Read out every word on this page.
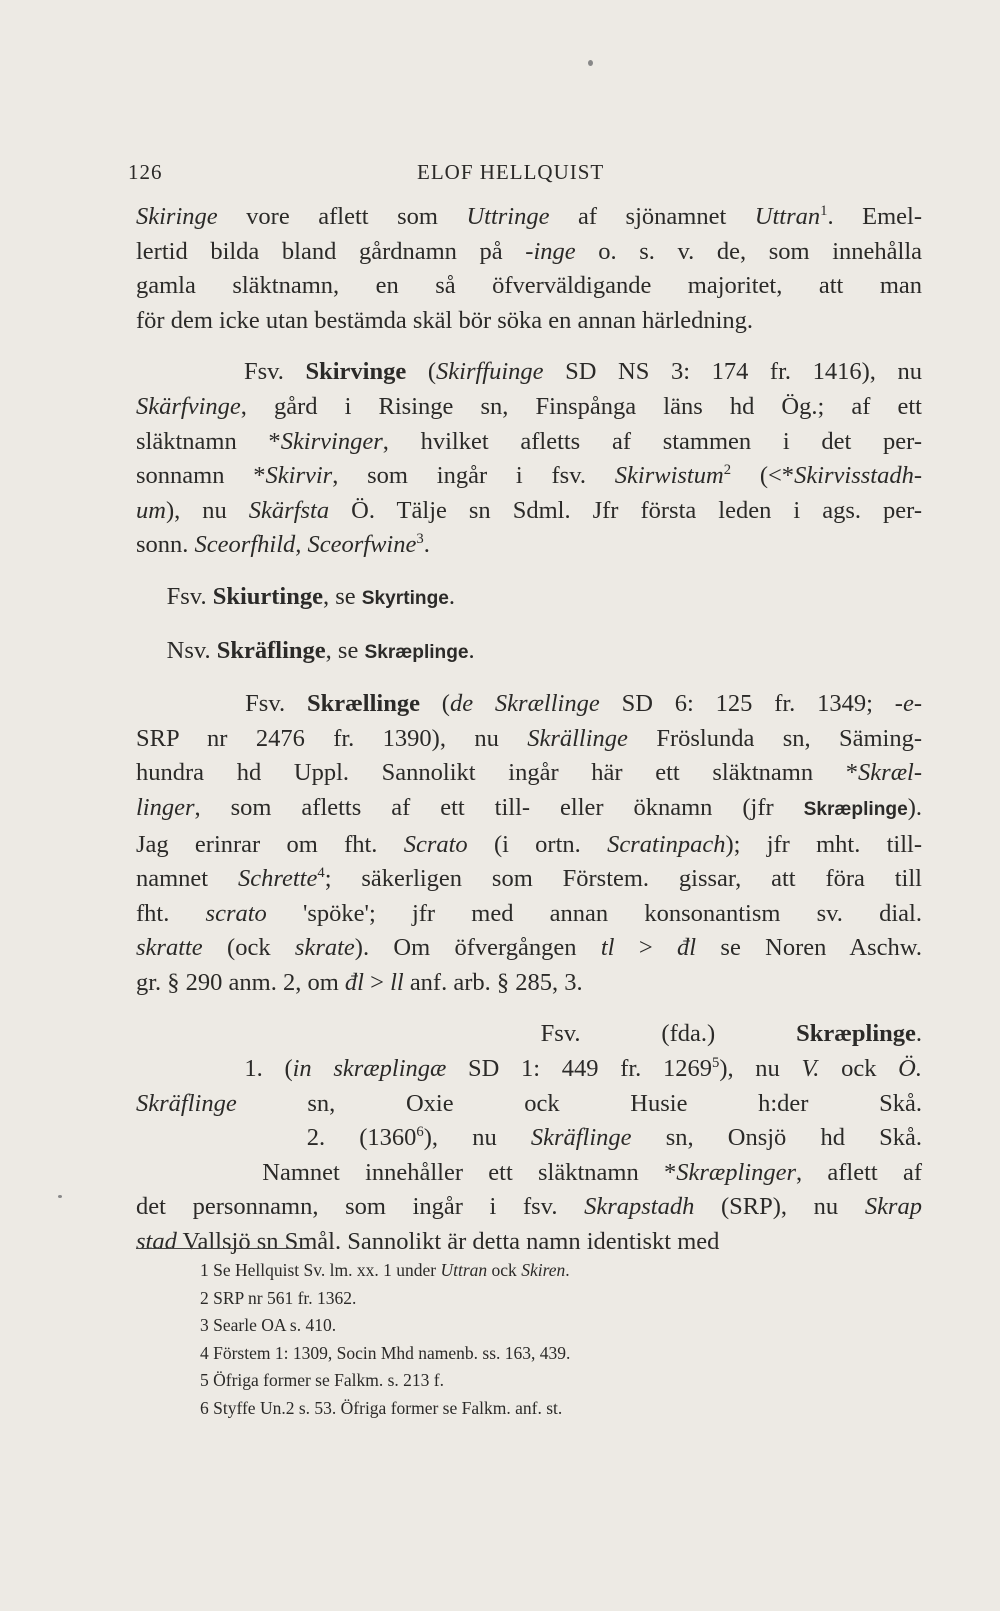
126	ELOF HELLQUIST

Skiringe vore aflett som Uttringe af sjönamnet Uttran$^1$. Emel-
lertid bilda bland gårdnamn på -inge o. s. v. de, som innehålla
gamla släktnamn, en så öfverväldigande majoritet, att man
för dem icke utan bestämda skäl bör söka en annan härledning.

Fsv. Skirvinge (Skirffuinge SD NS 3: 174 fr. 1416), nu
Skärfvinge, gård i Risinge sn, Finspånga läns hd Ög.; af ett
släktnamn *Skirvinger, hvilket afletts af stammen i det per-
sonnamn *Skirvir, som ingår i fsv. Skirwistum$^2$ (<*Skirvisstadh-
um), nu Skärfsta Ö. Tälje sn Sdml. Jfr första leden i ags. per-
sonn. Sceorfhild, Sceorfwine$^3$.

Fsv. Skiurtinge, se Skyrtinge.

Nsv. Skräflinge, se Skræplinge.

Fsv. Skrællinge (de Skrællinge SD 6: 125 fr. 1349; -e-
SRP nr 2476 fr. 1390), nu Skrällinge Fröslunda sn, Säming-
hundra hd Uppl. Sannolikt ingår här ett släktnamn *Skræl-
linger, som afletts af ett till- eller öknamn (jfr Skræplinge).
Jag erinrar om fht. Scrato (i ortn. Scratinpach); jfr mht. till-
namnet Schrette$^4$; säkerligen som Förstem. gissar, att föra till
fht. scrato 'spöke'; jfr med annan konsonantism sv. dial.
skratte (ock skrate). Om öfvergången tl > đl se Noren Aschw.
gr. § 290 anm. 2, om đl > ll anf. arb. § 285, 3.

Fsv. (fda.) Skræplinge.
1. (in skræplingæ SD 1: 449 fr. 1269$^5$), nu V. ock Ö.
Skräflinge sn, Oxie ock Husie h:der Skå.
2. (1360$^6$), nu Skräflinge sn, Onsjö hd Skå.
Namnet innehåller ett släktnamn *Skræplinger, aflett af
det personnamn, som ingår i fsv. Skrapstadh (SRP), nu Skrap
stad Vallsjö sn Smål. Sannolikt är detta namn identiskt med

1 Se Hellquist Sv. lm. xx. 1 under Uttran ock Skiren.
2 SRP nr 561 fr. 1362.
3 Searle OA s. 410.
4 Förstem 1: 1309, Socin Mhd namenb. ss. 163, 439.
5 Öfriga former se Falkm. s. 213 f.
6 Styffe Un.2 s. 53. Öfriga former se Falkm. anf. st.
